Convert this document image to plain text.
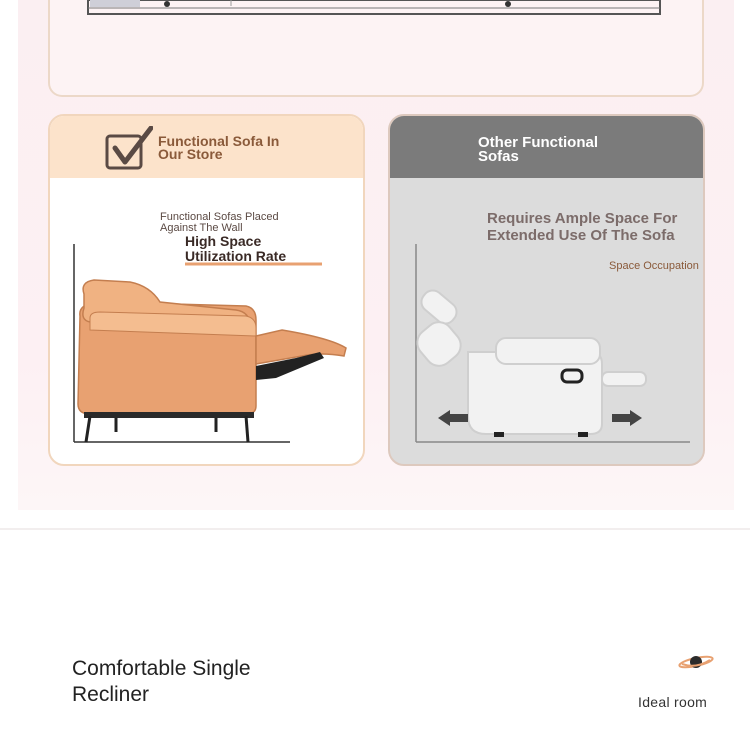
Functional Sofa In Our Store
Functional Sofas Placed Against The Wall
High Space Utilization Rate
Other Functional Sofas
Requires Ample Space For Extended Use Of The Sofa
Space Occupation
Comfortable Single Recliner	Ideal room
